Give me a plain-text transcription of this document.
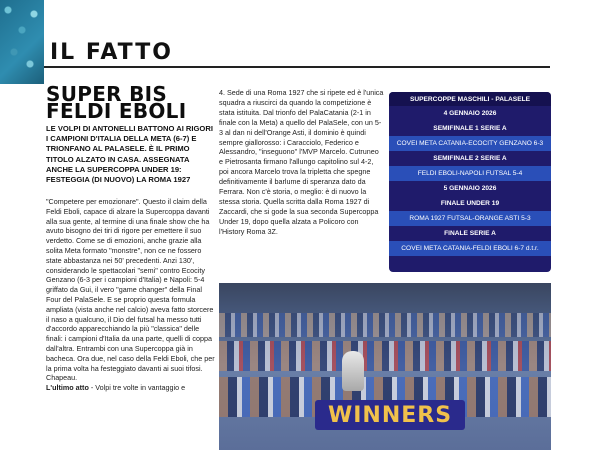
IL FATTO
SUPER BIS
FELDI EBOLI
LE VOLPI DI ANTONELLI BATTONO AI RIGORI I CAMPIONI D'ITALIA DELLA META (6-7) E TRIONFANO AL PALASELE. È IL PRIMO TITOLO ALZATO IN CASA. ASSEGNATA ANCHE LA SUPERCOPPA UNDER 19: FESTEGGIA (DI NUOVO) LA ROMA 1927

"Competere per emozionare". Questo il claim della Feldi Eboli, capace di alzare la Supercoppa davanti alla sua gente, al termine di una finale show che ha avuto bisogno dei tiri di rigore per emettere il suo verdetto. Come se di emozioni, anche grazie alla solita Meta formato "monstre", non ce ne fossero state abbastanza nei 50' precedenti. Anzi 130', considerando le spettacolari "semi" contro Ecocity Genzano (6-3 per i campioni d'Italia) e Napoli: 5-4 griffato da Gui, il vero "game changer" della Final Four del PalaSele. E se proprio questa formula ampliata (vista anche nel calcio) aveva fatto storcere il naso a qualcuno, il Dio del futsal ha messo tutti d'accordo apparecchiando la più "classica" delle finali: i campioni d'Italia da una parte, quelli di coppa dall'altra. Entrambi con una Supercoppa già in bacheca. Ora due, nel caso della Feldi Eboli, che per la prima volta ha festeggiato davanti ai suoi tifosi. Chapeau.

L'ultimo atto - Volpi tre volte in vantaggio e

4. Sede di una Roma 1927 che si ripete ed è l'unica squadra a riuscirci da quando la competizione è stata istituita. Dal trionfo del PalaCatania (2-1 in finale con la Meta) a quello del PalaSele, con un 5-3 al dan ni dell'Orange Asti, il dominio è quindi sempre giallorosso: i Caracciolo, Federico e Alessandro, "inseguono" l'MVP Marcelo. Cutruneo e Pietrosanta firmano l'allungo capitolino sul 4-2, poi ancora Marcelo trova la tripletta che spegne definitivamente il barlume di speranza dato da Ferrara. Non c'è storia, o meglio: è di nuovo la stessa storia. Quella scritta dalla Roma 1927 di Zaccardi, che si gode la sua seconda Supercoppa Under 19, dopo quella alzata a Policoro con l'History Roma 3Z.
SUPERCOPPE MASCHILI - PALASELE
4 GENNAIO 2026
SEMIFINALE 1 SERIE A
COVEI META CATANIA-ECOCITY GENZANO 6-3
SEMIFINALE 2 SERIE A
FELDI EBOLI-NAPOLI FUTSAL 5-4
5 GENNAIO 2026
FINALE UNDER 19
ROMA 1927 FUTSAL-ORANGE ASTI 5-3
FINALE SERIE A
COVEI META CATANIA-FELDI EBOLI 6-7 d.t.r.
WINNERS
